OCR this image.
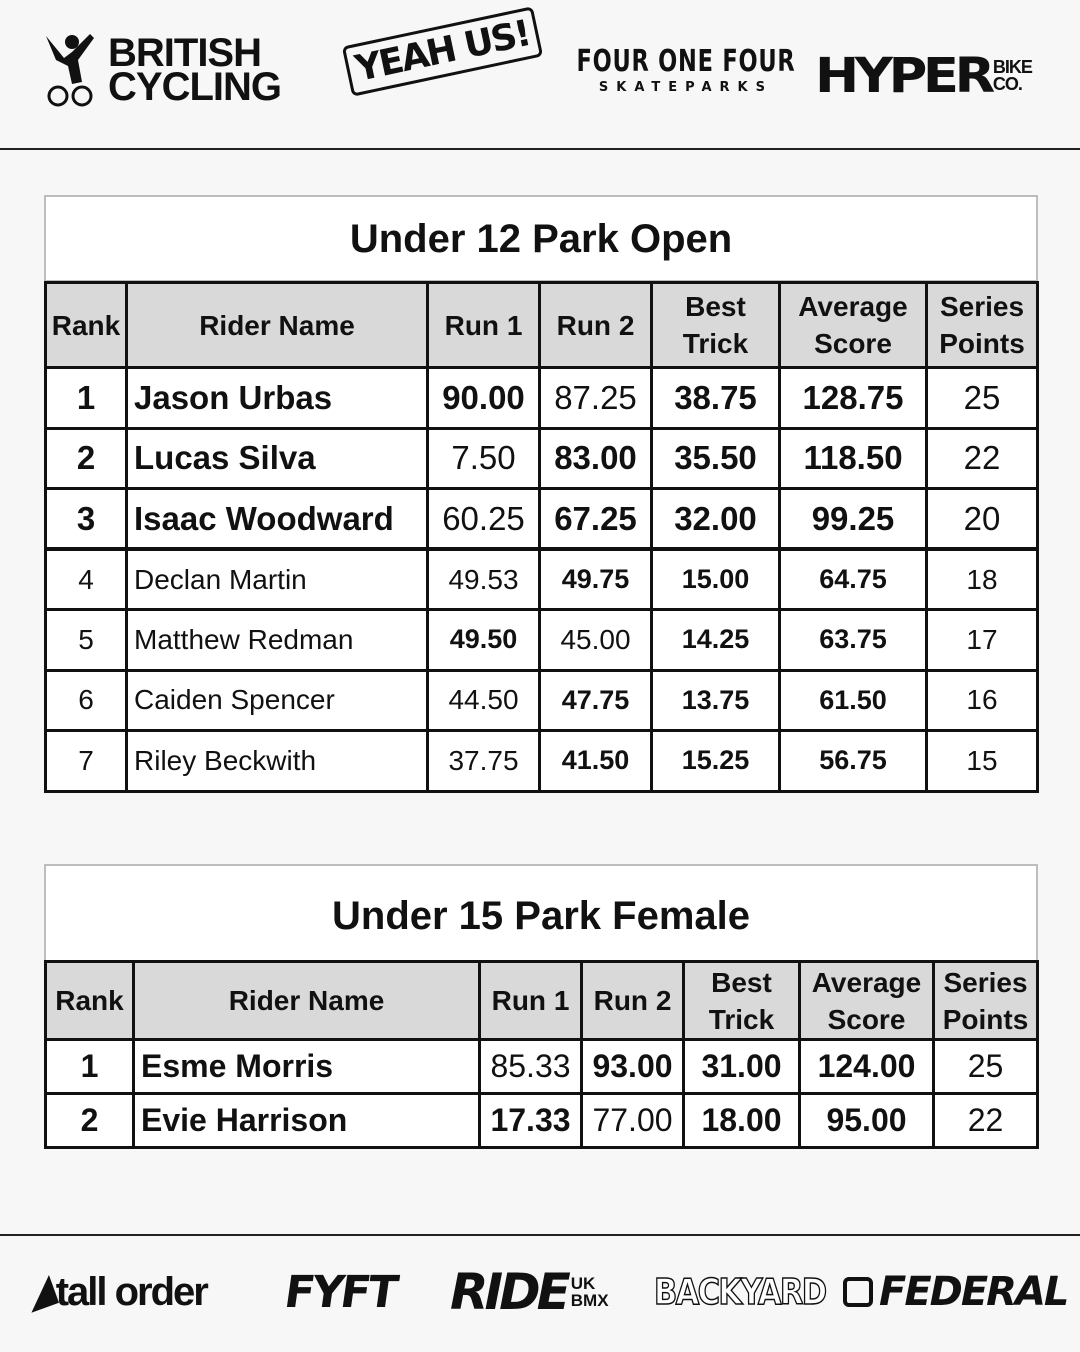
BRITISH
CYCLING YEAH US!	FOUR ONE FOUR
SKATEPARKS HYPER BIKE
CO.
Under 12 Park Open
Rank	Rider Name	Run 1	Run 2	Best Trick	Average Score	Series Points
1	Jason Urbas	90.00	87.25	38.75	128.75	25
2	Lucas Silva	7.50	83.00	35.50	118.50	22
3	Isaac Woodward	60.25	67.25	32.00	99.25	20
4	Declan Martin	49.53	49.75	15.00	64.75	18
5	Matthew Redman	49.50	45.00	14.25	63.75	17
6	Caiden Spencer	44.50	47.75	13.75	61.50	16
7	Riley Beckwith	37.75	41.50	15.25	56.75	15
Under 15 Park Female
Rank	Rider Name	Run 1	Run 2	Best Trick	Average Score	Series Points
1	Esme Morris	85.33	93.00	31.00	124.00	25
2	Evie Harrison	17.33	77.00	18.00	95.00	22
◢
tall order FYFT RIDE UK
BMX BACKYARD FEDERAL
